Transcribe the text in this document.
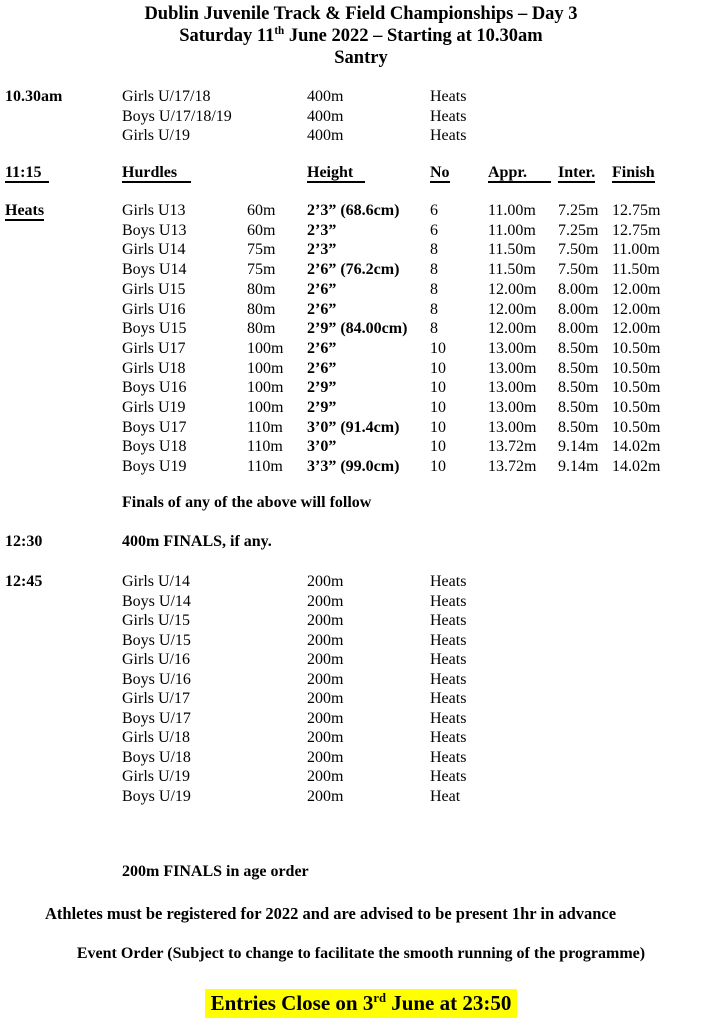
Dublin Juvenile Track & Field Championships – Day 3
Saturday 11th June 2022 – Starting at 10.30am
Santry
10.30am	Girls U/17/18	400m	Heats
Boys U/17/18/19	400m	Heats
Girls U/19	400m	Heats
11:15	Hurdles	Height	No	Appr.	Inter.	Finish
Heats	Girls U13	60m	2’3” (68.6cm)	6	11.00m	7.25m 12.75m
Boys U13	60m	2’3”	6	11.00m	7.25m 12.75m
Girls U14	75m	2’3”	8	11.50m	7.50m 11.00m
Boys U14	75m	2’6” (76.2cm)	8	11.50m	7.50m 11.50m
Girls U15	80m	2’6”	8	12.00m	8.00m 12.00m
Girls U16	80m	2’6”	8	12.00m	8.00m 12.00m
Boys U15	80m	2’9” (84.00cm)	8	12.00m	8.00m 12.00m
Girls U17	100m	2’6”	10	13.00m	8.50m 10.50m
Girls U18	100m	2’6”	10	13.00m	8.50m 10.50m
Boys U16	100m	2’9”	10	13.00m	8.50m 10.50m
Girls U19	100m	2’9”	10	13.00m	8.50m 10.50m
Boys U17	110m	3’0” (91.4cm)	10	13.00m	8.50m 10.50m
Boys U18	110m	3’0”	10	13.72m	9.14m 14.02m
Boys U19	110m	3’3” (99.0cm)	10	13.72m	9.14m 14.02m
Finals of any of the above will follow
12:30	400m FINALS, if any.
12:45	Girls U/14	200m	Heats
Boys U/14	200m	Heats
Girls U/15	200m	Heats
Boys U/15	200m	Heats
Girls U/16	200m	Heats
Boys U/16	200m	Heats
Girls U/17	200m	Heats
Boys U/17	200m	Heats
Girls U/18	200m	Heats
Boys U/18	200m	Heats
Girls U/19	200m	Heats
Boys U/19	200m	Heat
200m FINALS in age order
Athletes must be registered for 2022 and are advised to be present 1hr in advance
Event Order (Subject to change to facilitate the smooth running of the programme)
Entries Close on 3rd June at 23:50
